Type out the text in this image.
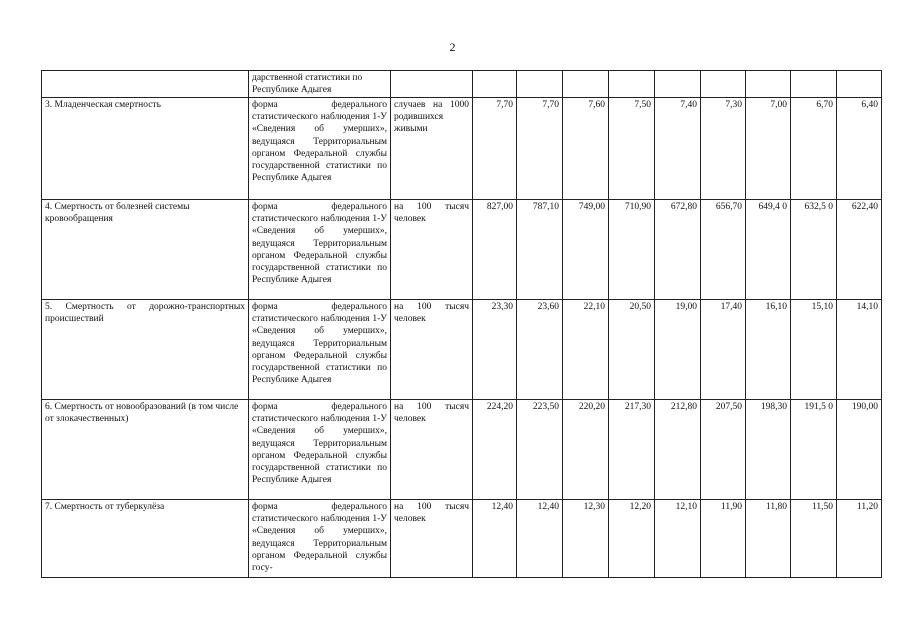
2

	дарственной статистики по
Республике Адыгея										

3. Младенческая смертность	форма федерального статистического наблюдения 1-У «Сведения об умерших», ведущаяся Территориальным органом Федеральной службы государственной статистики по Республике Адыгея	случаев на 1000 родившихся живыми	7,70	7,70	7,60	7,50	7,40	7,30	7,00	6,70	6,40
4. Смертность от болезней системы кровообращения	форма федерального статистического наблюдения 1-У «Сведения об умерших», ведущаяся Территориальным органом Федеральной службы государственной статистики по Республике Адыгея	на 100 тысяч человек	827,00	787,10	749,00	710,90	672,80	656,70	649,4 0	632,5 0	622,40
5. Смертность от дорожно-транспортных происшествий	форма федерального статистического наблюдения 1-У «Сведения об умерших», ведущаяся Территориальным органом Федеральной службы государственной статистики по Республике Адыгея	на 100 тысяч человек	23,30	23,60	22,10	20,50	19,00	17,40	16,10	15,10	14,10
6. Смертность от новообразований (в том числе от злокачественных)	форма федерального статистического наблюдения 1-У «Сведения об умерших», ведущаяся Территориальным органом Федеральной службы государственной статистики по Республике Адыгея	на 100 тысяч человек	224,20	223,50	220,20	217,30	212,80	207,50	198,30	191,5 0	190,00
7. Смертность от туберкулёза	форма федерального статистического наблюдения 1-У «Сведения об умерших», ведущаяся Территориальным органом Федеральной службы госу-	на 100 тысяч человек	12,40	12,40	12,30	12,20	12,10	11,90	11,80	11,50	11,20
